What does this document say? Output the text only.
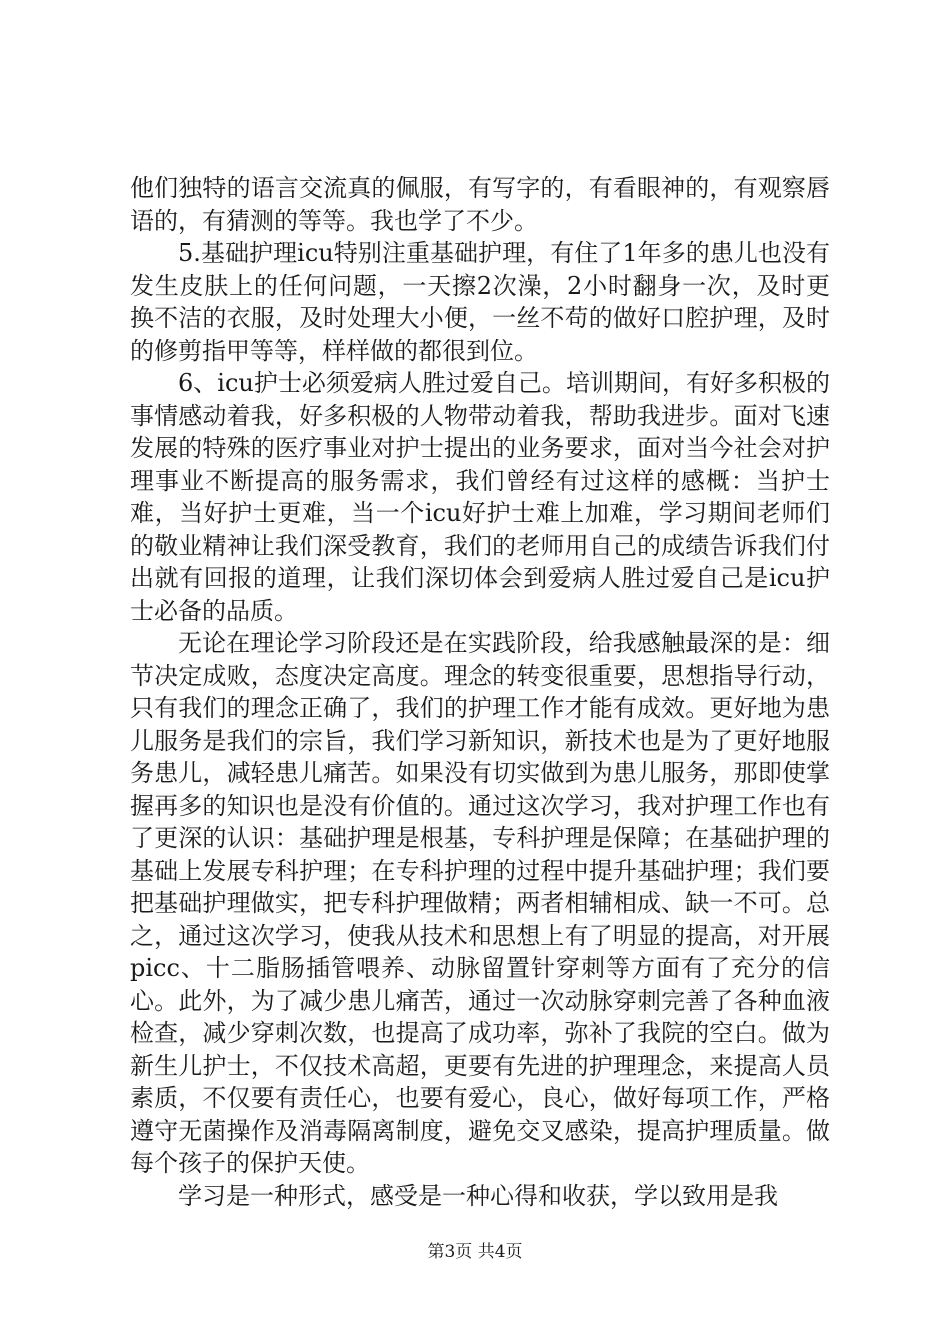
他们独特的语言交流真的佩服，有写字的，有看眼神的，有观察唇语的，有猜测的等等。我也学了不少。

5.基础护理icu特别注重基础护理，有住了1年多的患儿也没有发生皮肤上的任何问题，一天擦2次澡，2小时翻身一次，及时更换不洁的衣服，及时处理大小便，一丝不苟的做好口腔护理，及时的修剪指甲等等，样样做的都很到位。

6、icu护士必须爱病人胜过爱自己。培训期间，有好多积极的事情感动着我，好多积极的人物带动着我，帮助我进步。面对飞速发展的特殊的医疗事业对护士提出的业务要求，面对当今社会对护理事业不断提高的服务需求，我们曾经有过这样的感概：当护士难，当好护士更难，当一个icu好护士难上加难，学习期间老师们的敬业精神让我们深受教育，我们的老师用自己的成绩告诉我们付出就有回报的道理，让我们深切体会到爱病人胜过爱自己是icu护士必备的品质。

无论在理论学习阶段还是在实践阶段，给我感触最深的是：细节决定成败，态度决定高度。理念的转变很重要，思想指导行动，只有我们的理念正确了，我们的护理工作才能有成效。更好地为患儿服务是我们的宗旨，我们学习新知识，新技术也是为了更好地服务患儿，减轻患儿痛苦。如果没有切实做到为患儿服务，那即使掌握再多的知识也是没有价值的。通过这次学习，我对护理工作也有了更深的认识：基础护理是根基，专科护理是保障；在基础护理的基础上发展专科护理；在专科护理的过程中提升基础护理；我们要把基础护理做实，把专科护理做精；两者相辅相成、缺一不可。总之，通过这次学习，使我从技术和思想上有了明显的提高，对开展picc、十二脂肠插管喂养、动脉留置针穿刺等方面有了充分的信心。此外，为了减少患儿痛苦，通过一次动脉穿刺完善了各种血液检查，减少穿刺次数，也提高了成功率，弥补了我院的空白。做为新生儿护士，不仅技术高超，更要有先进的护理理念，来提高人员素质，不仅要有责任心，也要有爱心，良心，做好每项工作，严格遵守无菌操作及消毒隔离制度，避免交叉感染，提高护理质量。做每个孩子的保护天使。

学习是一种形式，感受是一种心得和收获，学以致用是我

第3页 共4页
